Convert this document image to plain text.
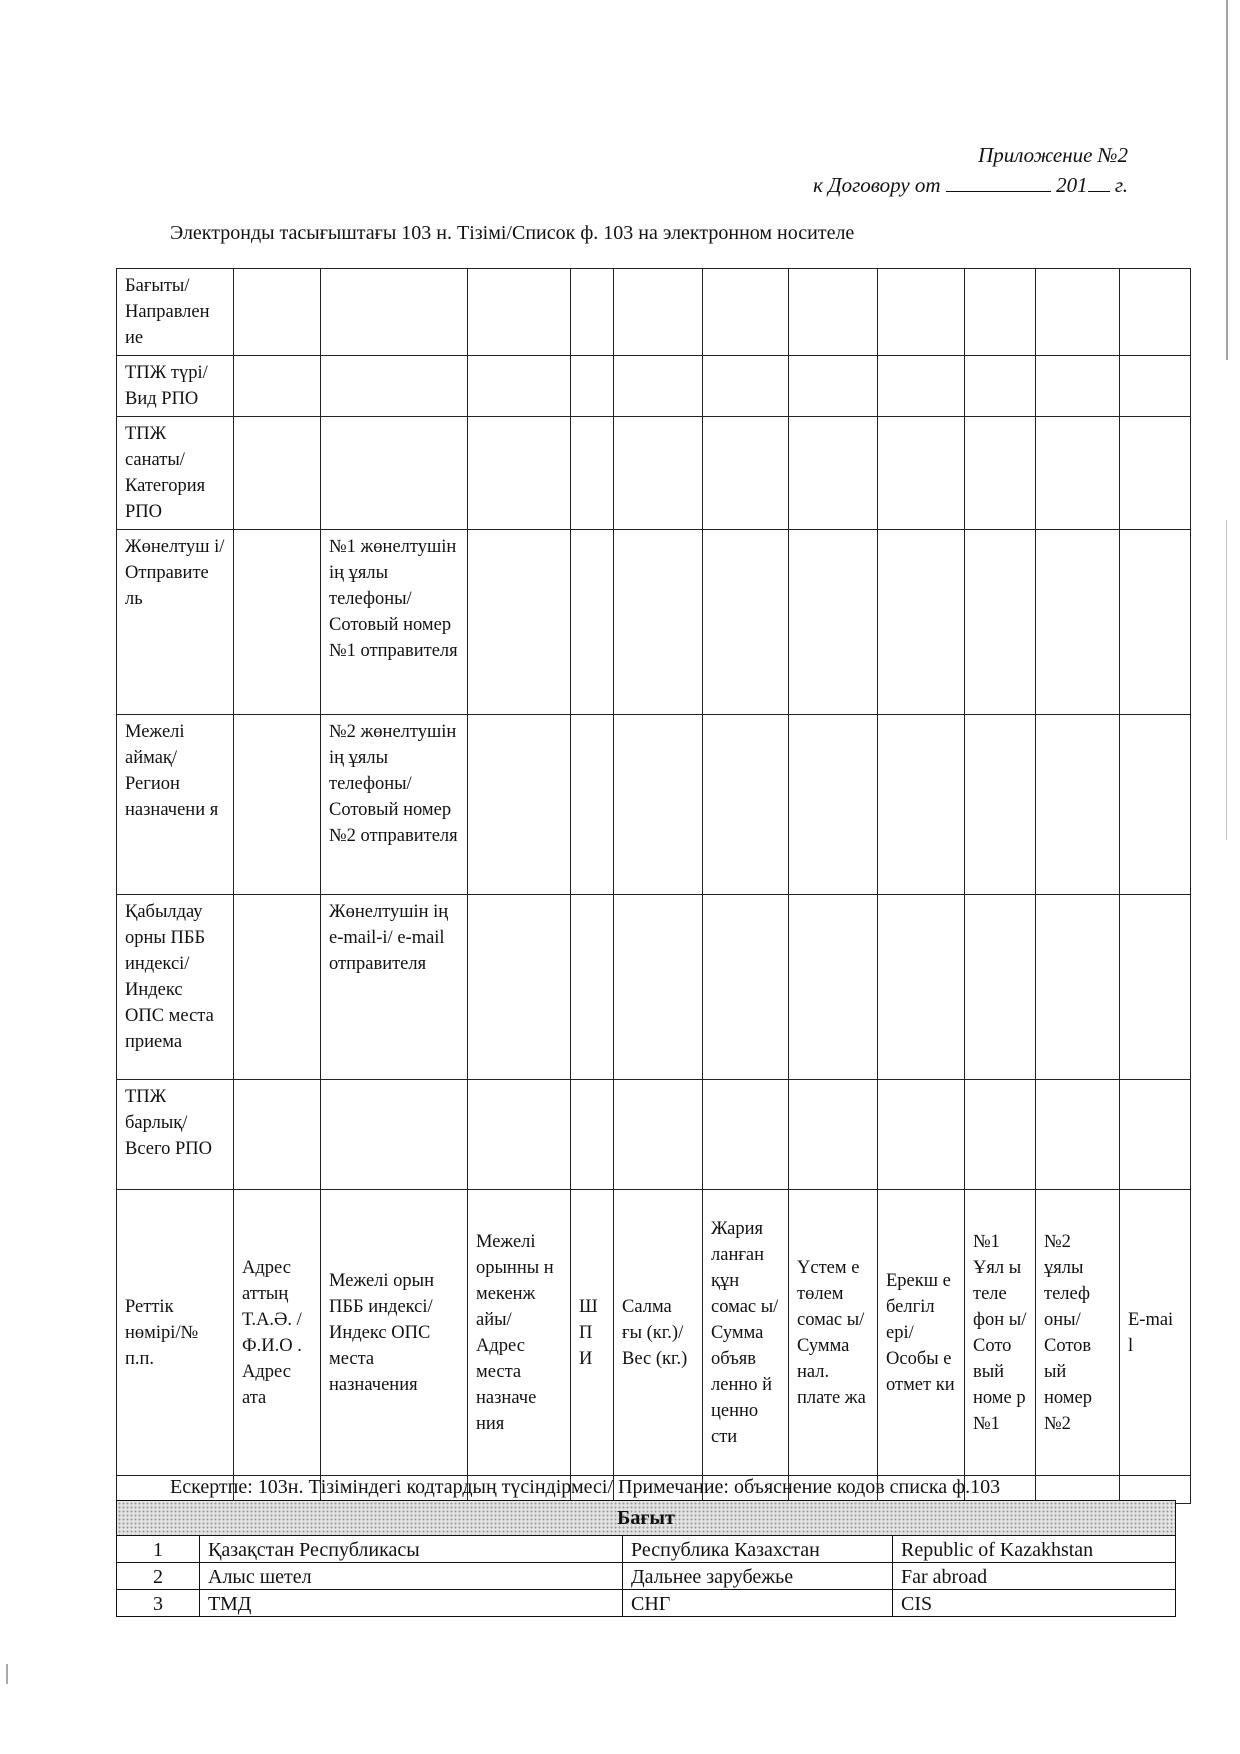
Приложение №2
к Договору от	201 г.
Электронды тасығыштағы 103 н. Тізімі/Список ф. 103 на электронном носителе
Бағыты/ Направлен ие											
ТПЖ түрі/ Вид РПО											
ТПЖ санаты/ Категория РПО											
Жөнелтуш і/ Отправите ль		№1 жөнелтушін ің ұялы телефоны/ Сотовый номер №1 отправителя									
Межелі аймақ/ Регион назначени я		№2 жөнелтушін ің ұялы телефоны/ Сотовый номер №2 отправителя									
Қабылдау орны ПББ индексі/ Индекс ОПС места приема		Жөнелтушін ің e-mail-і/ e-mail отправителя									
ТПЖ барлық/ Всего РПО											
Реттік нөмірі/№ п.п.	Адрес аттың Т.А.Ә. / Ф.И.О . Адрес ата	Межелі орын ПББ индексі/ Индекс ОПС места назначения	Межелі орынны н мекенж айы/ Адрес места назначе ния	Ш П И	Салма ғы (кг.)/ Вес (кг.)	Жария ланған құн сомас ы/ Сумма объяв ленно й ценно сти	Үстем е төлем сомас ы/ Сумма нал. плате жа	Ерекш е белгіл ері/ Особы е отмет ки	№1 Ұял ы теле фон ы/ Сото вый номе р №1	№2 ұялы телеф оны/ Сотов ый номер №2	E-mai l

Ескертпе: 103н. Тізіміндегі кодтардың түсіндірмесі/ Примечание: объяснение кодов списка ф.103
Бағыт			
1	Қазақстан Республикасы	Республика Казахстан	Republic of Kazakhstan
2	Алыс шетел	Дальнее зарубежье	Far abroad
3	ТМД	СНГ	CIS
